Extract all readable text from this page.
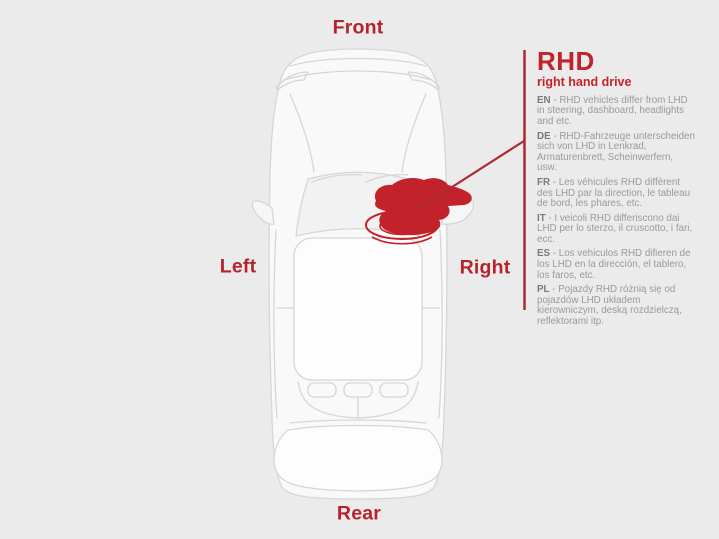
Front
Rear
Left	Right
RHD
right hand drive
EN - RHD vehicles differ from LHD in steering, dashboard, headlights and etc.
DE - RHD-Fahrzeuge unterscheiden sich von LHD in Lenkrad, Armaturenbrett, Scheinwerfern, usw.
FR - Les véhicules RHD diffèrent des LHD par la direction, le tableau de bord, les phares, etc.
IT - I veicoli RHD differiscono dai LHD per lo sterzo, il cruscotto, i fari, ecc.
ES - Los vehiculos RHD difieren de los LHD en la dirección, el tablero, los faros, etc.
PL - Pojazdy RHD różnią się od pojazdów LHD układem kierowniczym, deską rozdzielczą, reflektorami itp.
